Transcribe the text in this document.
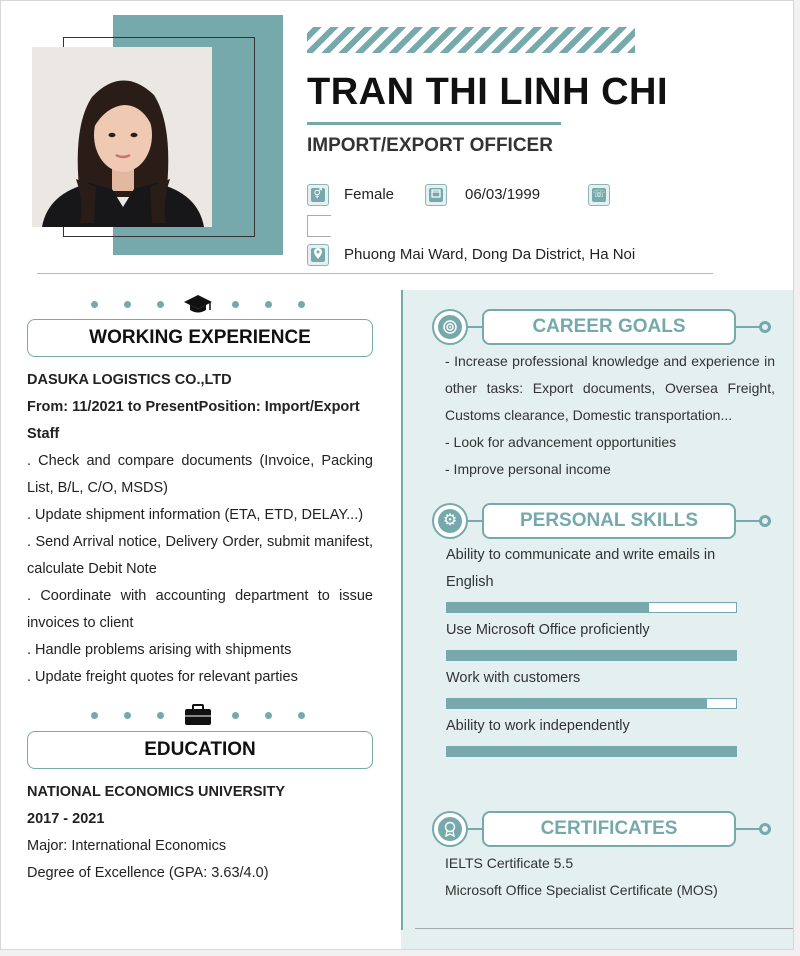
TRAN THI LINH CHI
IMPORT/EXPORT OFFICER
⚥ Female	06/03/1999	☏
Phuong Mai Ward, Dong Da District, Ha Noi
WORKING EXPERIENCE
DASUKA LOGISTICS CO.,LTD
From: 11/2021 to PresentPosition: Import/Export
Staff
. Check and compare documents (Invoice, Packing List, B/L, C/O, MSDS)
. Update shipment information (ETA, ETD, DELAY...)
. Send Arrival notice, Delivery Order, submit manifest, calculate Debit Note
. Coordinate with accounting department to issue invoices to client
. Handle problems arising with shipments
. Update freight quotes for relevant parties
EDUCATION
NATIONAL ECONOMICS UNIVERSITY
2017 - 2021
Major: International Economics
Degree of Excellence (GPA: 3.63/4.0)
CAREER GOALS
- Increase professional knowledge and experience in other tasks: Export documents, Oversea Freight, Customs clearance, Domestic transportation...
- Look for advancement opportunities
- Improve personal income
⚙	PERSONAL SKILLS
Ability to communicate and write emails in English
Use Microsoft Office proficiently
Work with customers
Ability to work independently
CERTIFICATES
IELTS Certificate 5.5
Microsoft Office Specialist Certificate (MOS)
